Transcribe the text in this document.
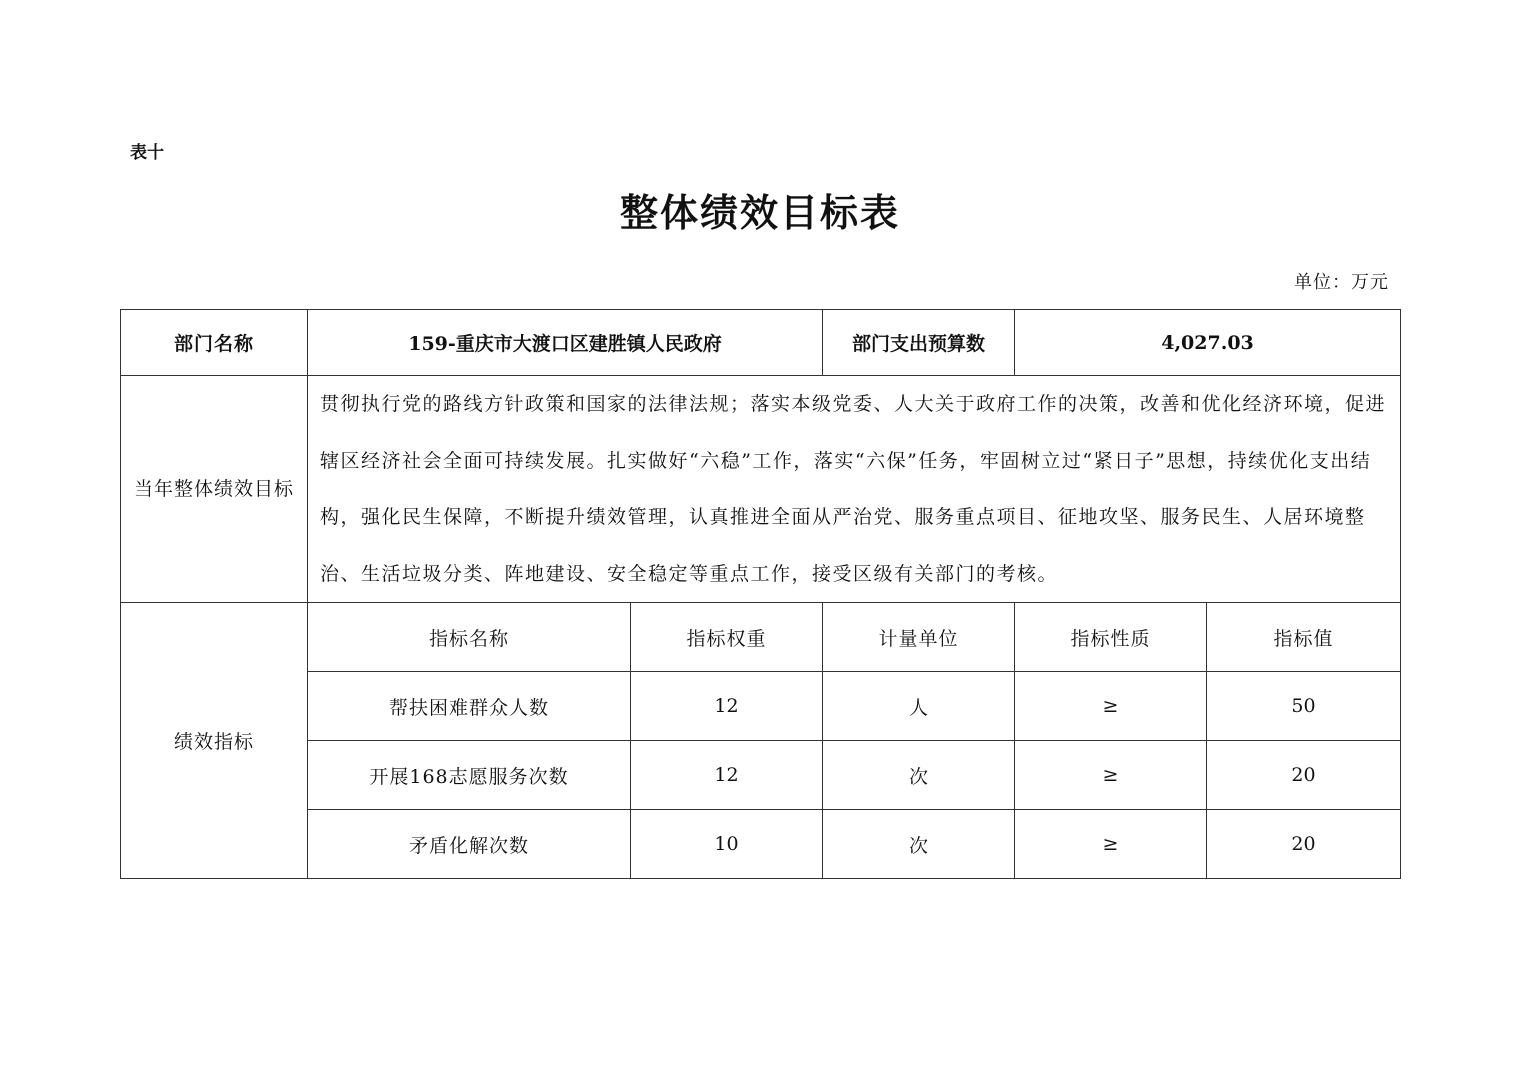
表十
整体绩效目标表
单位：万元
部门名称	159-重庆市大渡口区建胜镇人民政府		部门支出预算数	4,027.03	
当年整体绩效目标	贯彻执行党的路线方针政策和国家的法律法规；落实本级党委、人大关于政府工作的决策，改善和优化经济环境，促进辖区经济社会全面可持续发展。扎实做好“六稳”工作，落实“六保”任务，牢固树立过“紧日子”思想，持续优化支出结构，强化民生保障，不断提升绩效管理，认真推进全面从严治党、服务重点项目、征地攻坚、服务民生、人居环境整治、生活垃圾分类、阵地建设、安全稳定等重点工作，接受区级有关部门的考核。				
绩效指标	指标名称	指标权重	计量单位	指标性质	指标值
	帮扶困难群众人数	12	人	≥	50
	开展168志愿服务次数	12	次	≥	20
	矛盾化解次数	10	次	≥	20
